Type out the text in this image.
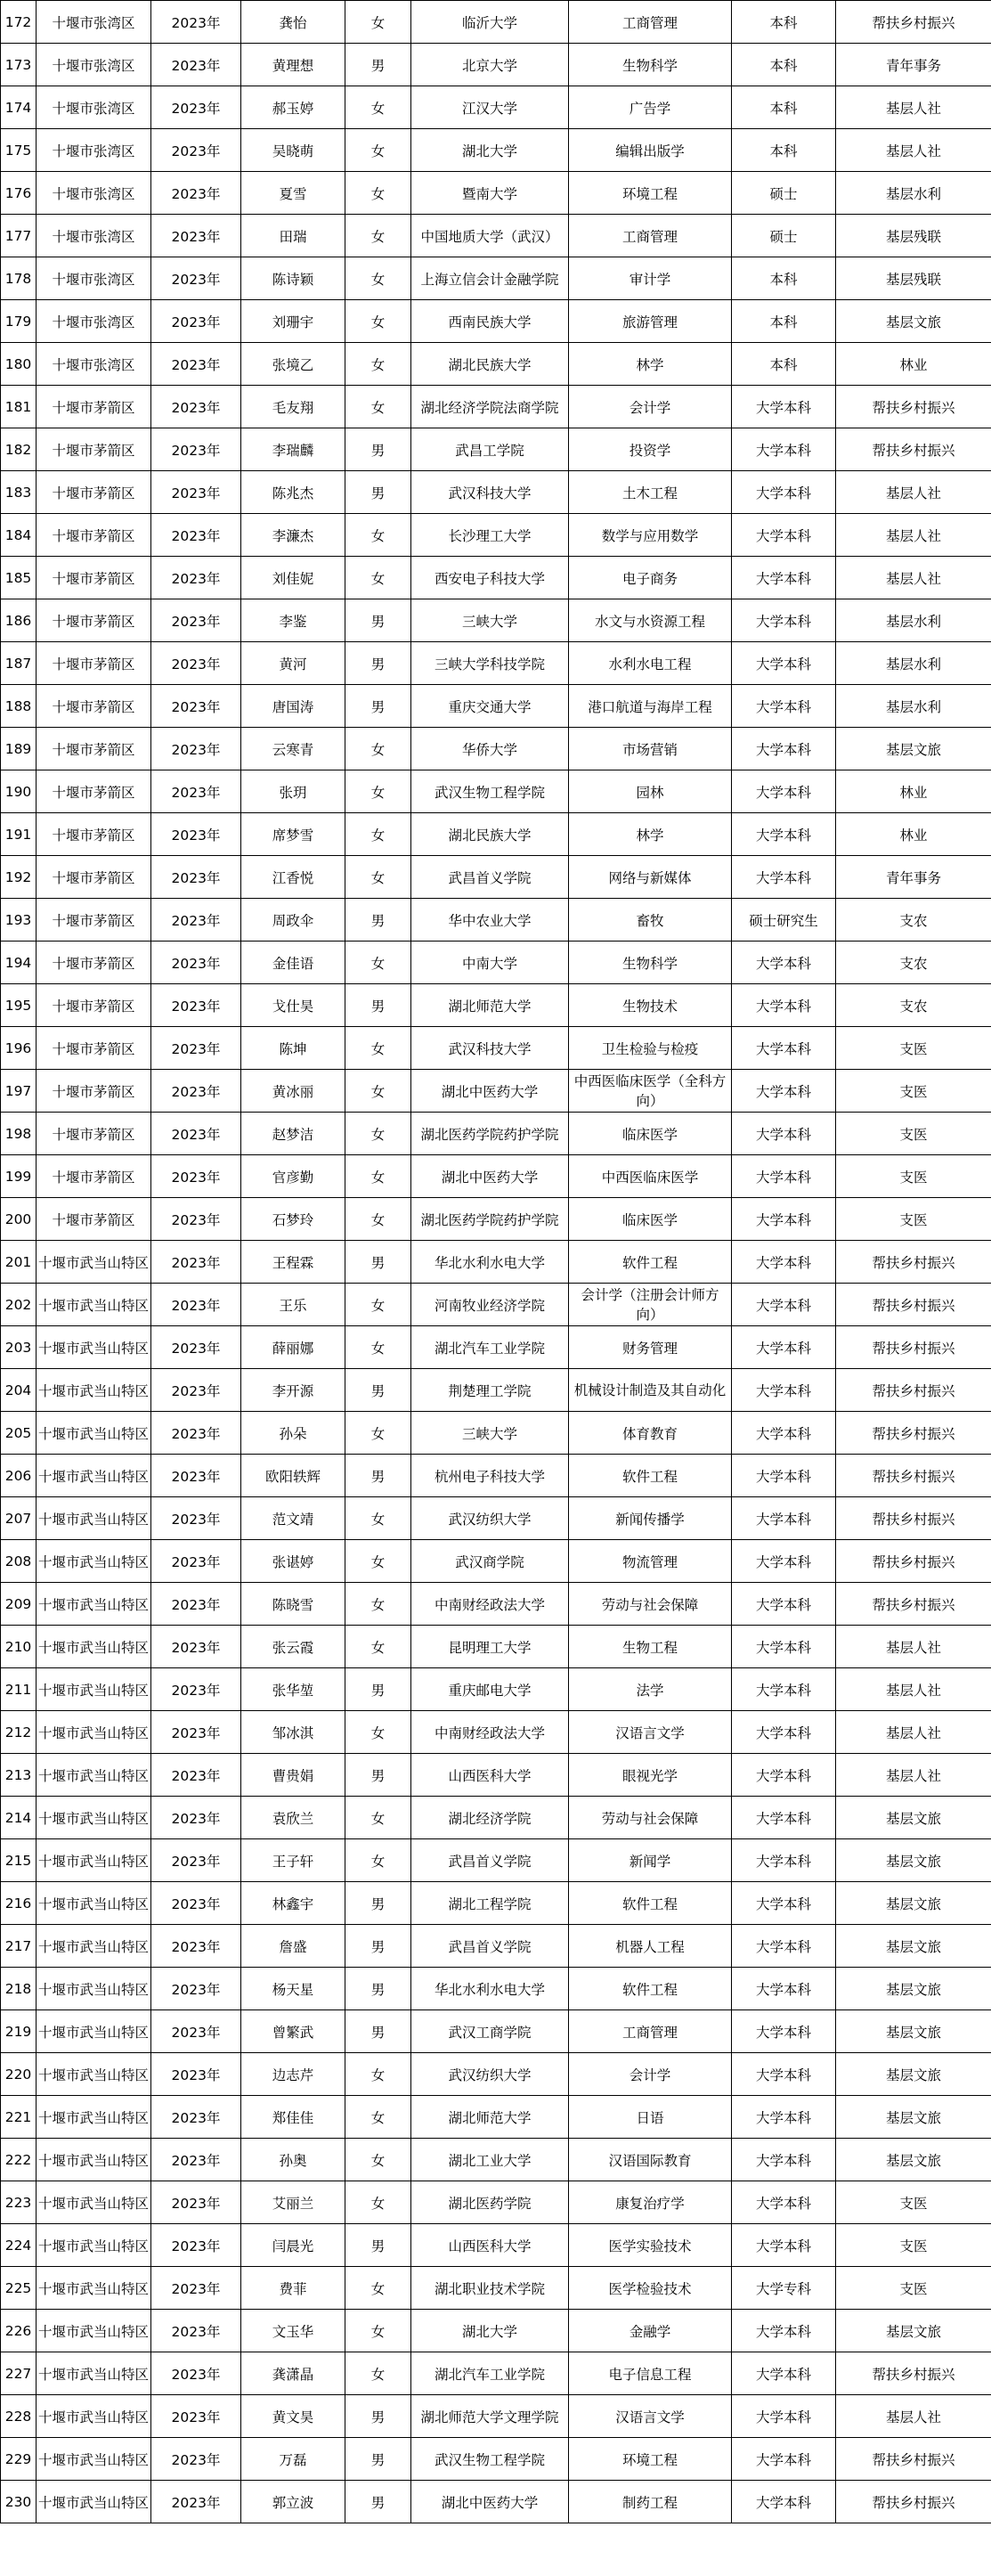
172	十堰市张湾区	2023年	龚怡	女	临沂大学	工商管理	本科	帮扶乡村振兴
173	十堰市张湾区	2023年	黄理想	男	北京大学	生物科学	本科	青年事务
174	十堰市张湾区	2023年	郝玉婷	女	江汉大学	广告学	本科	基层人社
175	十堰市张湾区	2023年	吴晓萌	女	湖北大学	编辑出版学	本科	基层人社
176	十堰市张湾区	2023年	夏雪	女	暨南大学	环境工程	硕士	基层水利
177	十堰市张湾区	2023年	田瑞	女	中国地质大学（武汉）	工商管理	硕士	基层残联
178	十堰市张湾区	2023年	陈诗颖	女	上海立信会计金融学院	审计学	本科	基层残联
179	十堰市张湾区	2023年	刘珊宇	女	西南民族大学	旅游管理	本科	基层文旅
180	十堰市张湾区	2023年	张境乙	女	湖北民族大学	林学	本科	林业
181	十堰市茅箭区	2023年	毛友翔	女	湖北经济学院法商学院	会计学	大学本科	帮扶乡村振兴
182	十堰市茅箭区	2023年	李瑞麟	男	武昌工学院	投资学	大学本科	帮扶乡村振兴
183	十堰市茅箭区	2023年	陈兆杰	男	武汉科技大学	土木工程	大学本科	基层人社
184	十堰市茅箭区	2023年	李濂杰	女	长沙理工大学	数学与应用数学	大学本科	基层人社
185	十堰市茅箭区	2023年	刘佳妮	女	西安电子科技大学	电子商务	大学本科	基层人社
186	十堰市茅箭区	2023年	李鉴	男	三峡大学	水文与水资源工程	大学本科	基层水利
187	十堰市茅箭区	2023年	黄河	男	三峡大学科技学院	水利水电工程	大学本科	基层水利
188	十堰市茅箭区	2023年	唐国涛	男	重庆交通大学	港口航道与海岸工程	大学本科	基层水利
189	十堰市茅箭区	2023年	云寒青	女	华侨大学	市场营销	大学本科	基层文旅
190	十堰市茅箭区	2023年	张玥	女	武汉生物工程学院	园林	大学本科	林业
191	十堰市茅箭区	2023年	席梦雪	女	湖北民族大学	林学	大学本科	林业
192	十堰市茅箭区	2023年	江香悦	女	武昌首义学院	网络与新媒体	大学本科	青年事务
193	十堰市茅箭区	2023年	周政伞	男	华中农业大学	畜牧	硕士研究生	支农
194	十堰市茅箭区	2023年	金佳语	女	中南大学	生物科学	大学本科	支农
195	十堰市茅箭区	2023年	戈仕昊	男	湖北师范大学	生物技术	大学本科	支农
196	十堰市茅箭区	2023年	陈坤	女	武汉科技大学	卫生检验与检疫	大学本科	支医
197	十堰市茅箭区	2023年	黄冰丽	女	湖北中医药大学	中西医临床医学（全科方向）	大学本科	支医
198	十堰市茅箭区	2023年	赵梦洁	女	湖北医药学院药护学院	临床医学	大学本科	支医
199	十堰市茅箭区	2023年	官彦勤	女	湖北中医药大学	中西医临床医学	大学本科	支医
200	十堰市茅箭区	2023年	石梦玲	女	湖北医药学院药护学院	临床医学	大学本科	支医
201	十堰市武当山特区	2023年	王程霖	男	华北水利水电大学	软件工程	大学本科	帮扶乡村振兴
202	十堰市武当山特区	2023年	王乐	女	河南牧业经济学院	会计学（注册会计师方向）	大学本科	帮扶乡村振兴
203	十堰市武当山特区	2023年	薛丽娜	女	湖北汽车工业学院	财务管理	大学本科	帮扶乡村振兴
204	十堰市武当山特区	2023年	李开源	男	荆楚理工学院	机械设计制造及其自动化	大学本科	帮扶乡村振兴
205	十堰市武当山特区	2023年	孙朵	女	三峡大学	体育教育	大学本科	帮扶乡村振兴
206	十堰市武当山特区	2023年	欧阳轶辉	男	杭州电子科技大学	软件工程	大学本科	帮扶乡村振兴
207	十堰市武当山特区	2023年	范文靖	女	武汉纺织大学	新闻传播学	大学本科	帮扶乡村振兴
208	十堰市武当山特区	2023年	张谌婷	女	武汉商学院	物流管理	大学本科	帮扶乡村振兴
209	十堰市武当山特区	2023年	陈晓雪	女	中南财经政法大学	劳动与社会保障	大学本科	帮扶乡村振兴
210	十堰市武当山特区	2023年	张云霞	女	昆明理工大学	生物工程	大学本科	基层人社
211	十堰市武当山特区	2023年	张华堃	男	重庆邮电大学	法学	大学本科	基层人社
212	十堰市武当山特区	2023年	邹冰淇	女	中南财经政法大学	汉语言文学	大学本科	基层人社
213	十堰市武当山特区	2023年	曹贵娟	男	山西医科大学	眼视光学	大学本科	基层人社
214	十堰市武当山特区	2023年	袁欣兰	女	湖北经济学院	劳动与社会保障	大学本科	基层文旅
215	十堰市武当山特区	2023年	王子轩	女	武昌首义学院	新闻学	大学本科	基层文旅
216	十堰市武当山特区	2023年	林鑫宇	男	湖北工程学院	软件工程	大学本科	基层文旅
217	十堰市武当山特区	2023年	詹盛	男	武昌首义学院	机器人工程	大学本科	基层文旅
218	十堰市武当山特区	2023年	杨天星	男	华北水利水电大学	软件工程	大学本科	基层文旅
219	十堰市武当山特区	2023年	曾繁武	男	武汉工商学院	工商管理	大学本科	基层文旅
220	十堰市武当山特区	2023年	边志芹	女	武汉纺织大学	会计学	大学本科	基层文旅
221	十堰市武当山特区	2023年	郑佳佳	女	湖北师范大学	日语	大学本科	基层文旅
222	十堰市武当山特区	2023年	孙奥	女	湖北工业大学	汉语国际教育	大学本科	基层文旅
223	十堰市武当山特区	2023年	艾丽兰	女	湖北医药学院	康复治疗学	大学本科	支医
224	十堰市武当山特区	2023年	闫晨光	男	山西医科大学	医学实验技术	大学本科	支医
225	十堰市武当山特区	2023年	费菲	女	湖北职业技术学院	医学检验技术	大学专科	支医
226	十堰市武当山特区	2023年	文玉华	女	湖北大学	金融学	大学本科	基层文旅
227	十堰市武当山特区	2023年	龚潇晶	女	湖北汽车工业学院	电子信息工程	大学本科	帮扶乡村振兴
228	十堰市武当山特区	2023年	黄文昊	男	湖北师范大学文理学院	汉语言文学	大学本科	基层人社
229	十堰市武当山特区	2023年	万磊	男	武汉生物工程学院	环境工程	大学本科	帮扶乡村振兴
230	十堰市武当山特区	2023年	郭立波	男	湖北中医药大学	制药工程	大学本科	帮扶乡村振兴
